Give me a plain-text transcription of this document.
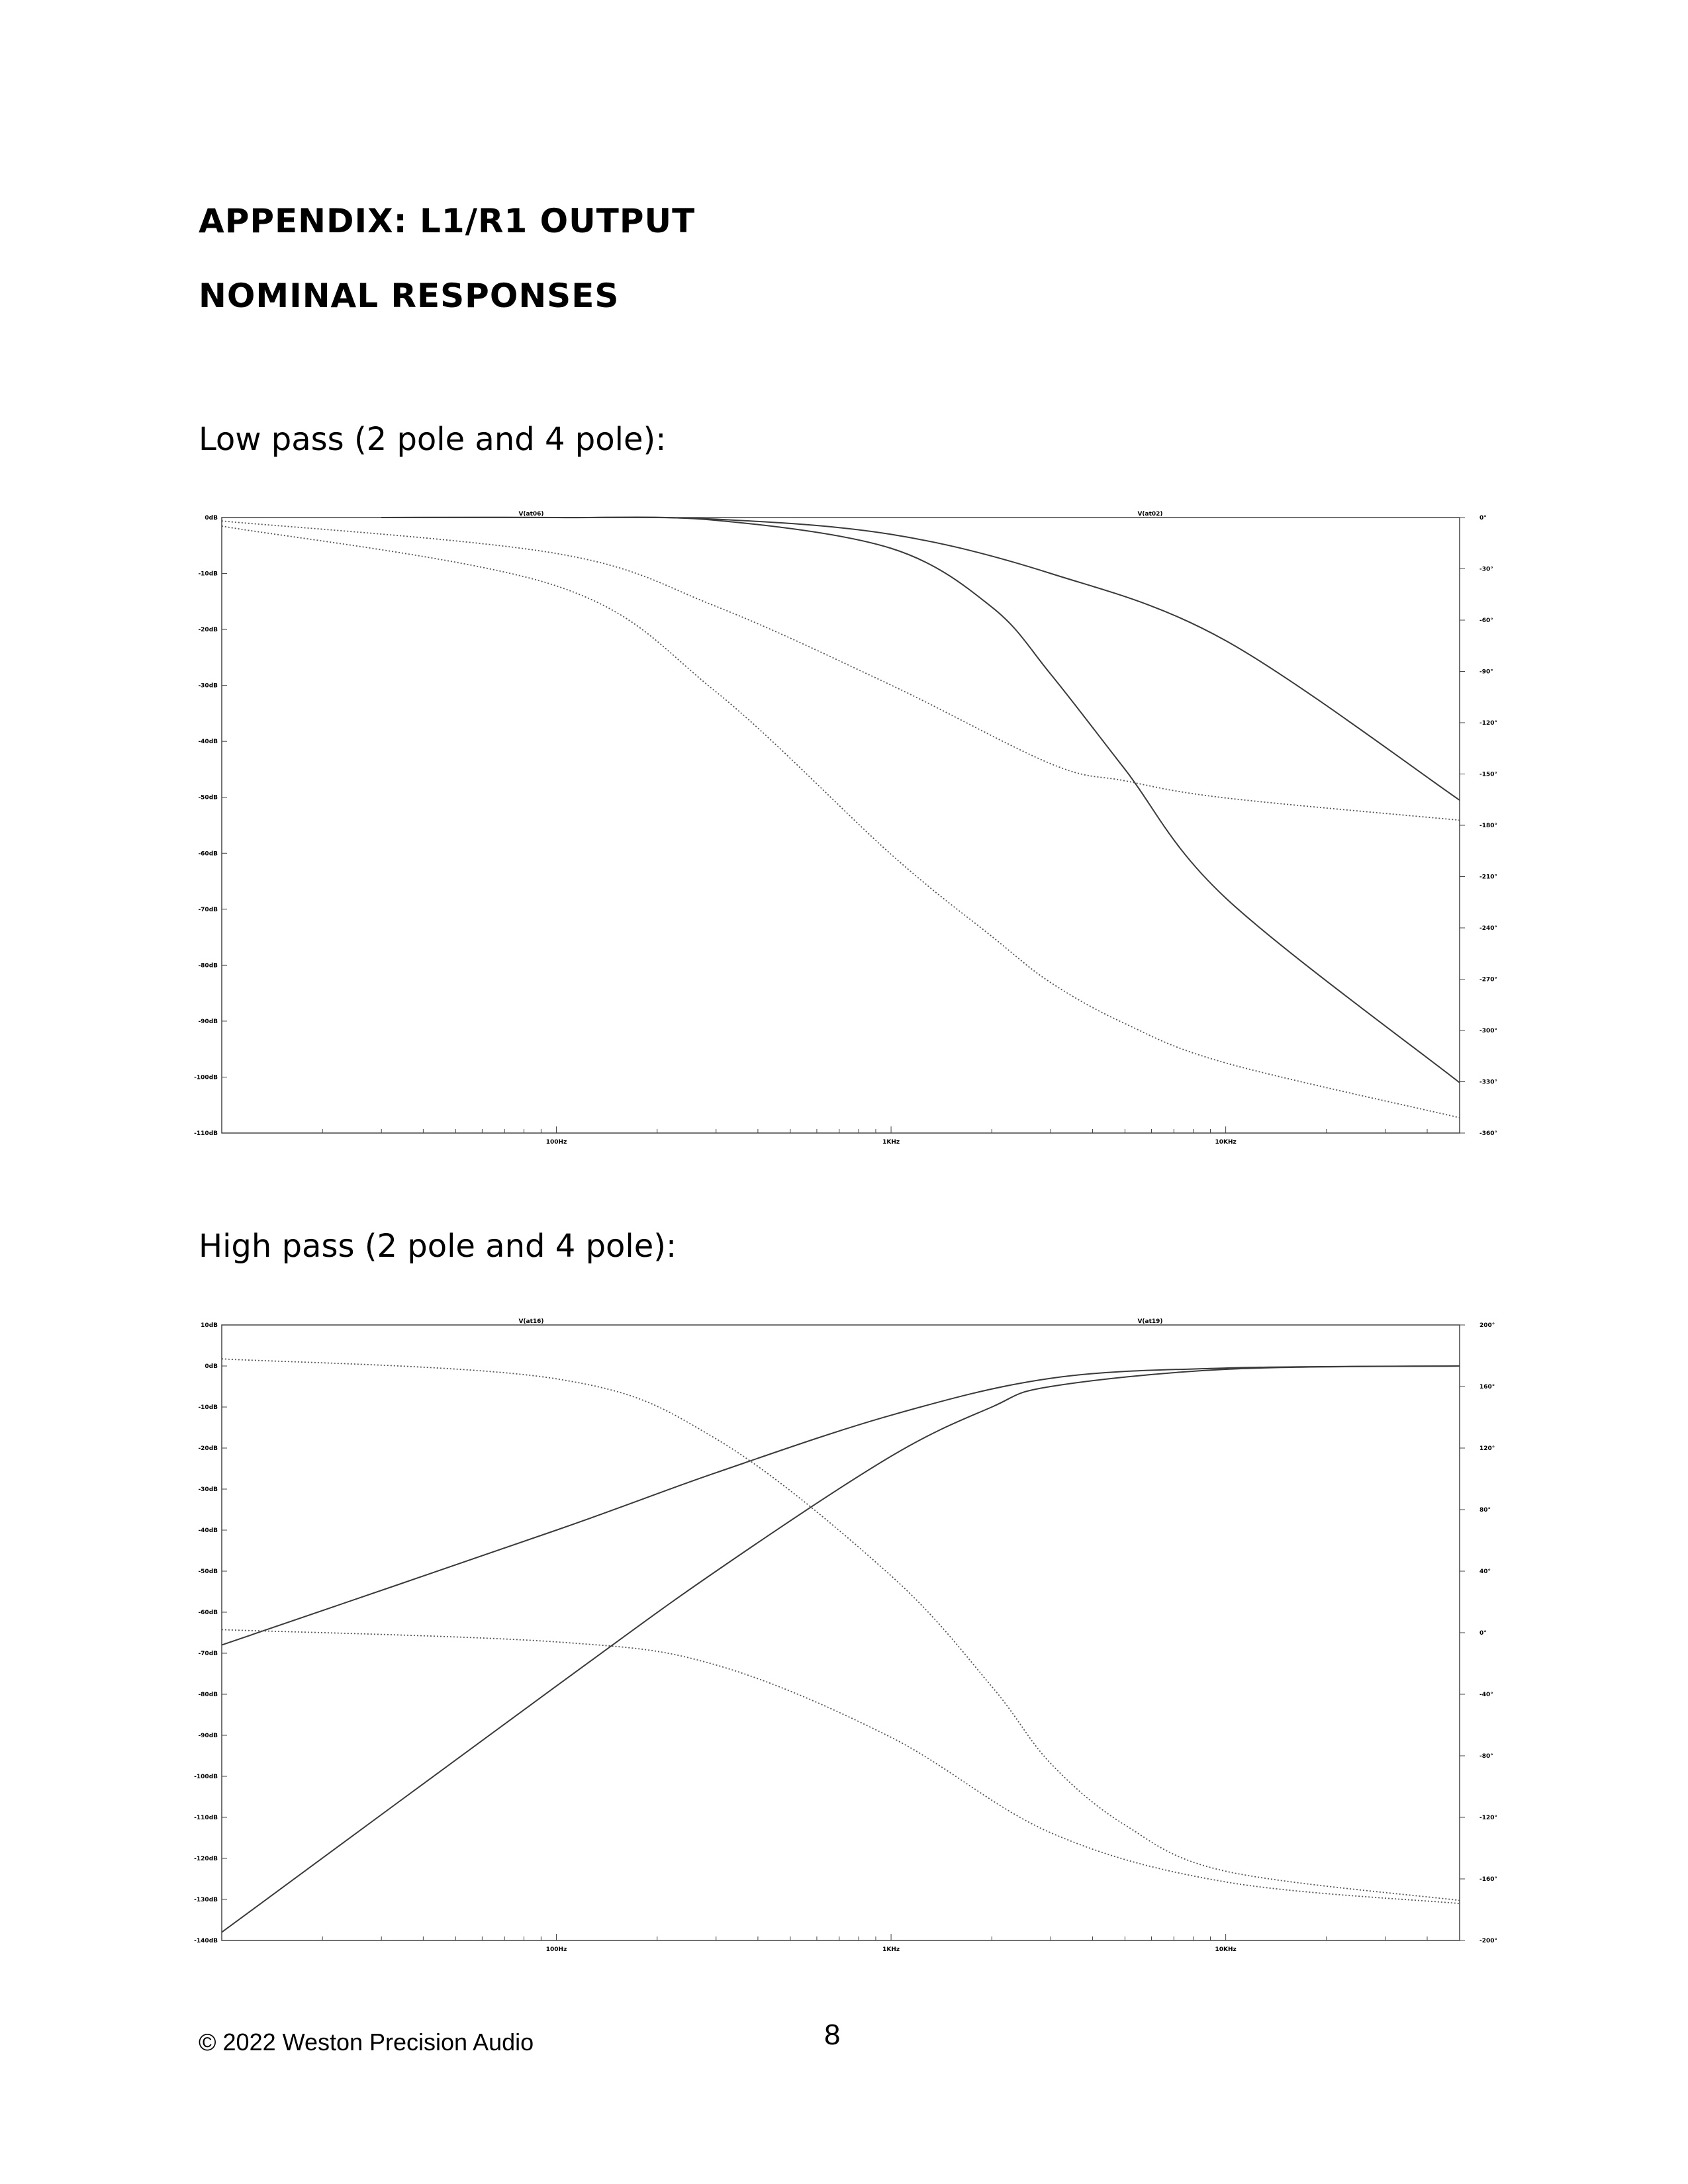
APPENDIX: L1/R1 OUTPUT
NOMINAL RESPONSES

Low pass (2 pole and 4 pole):

100Hz	1KHz	10KHz
0dB
-10dB
-20dB
-30dB
-40dB
-50dB
-60dB
-70dB
-80dB
-90dB
-100dB
-110dB
0°
-30°
-60°
-90°
-120°
-150°
-180°
-210°
-240°
-270°
-300°
-330°
-360°
V(at06)	V(at02)

High pass (2 pole and 4 pole):

100Hz	1KHz	10KHz
10dB
0dB
-10dB
-20dB
-30dB
-40dB
-50dB
-60dB
-70dB
-80dB
-90dB
-100dB
-110dB
-120dB
-130dB
-140dB
200°
160°
120°
80°
40°
0°
-40°
-80°
-120°
-160°
-200°
V(at16)	V(at19)
© 2022 Weston Precision Audio	8
